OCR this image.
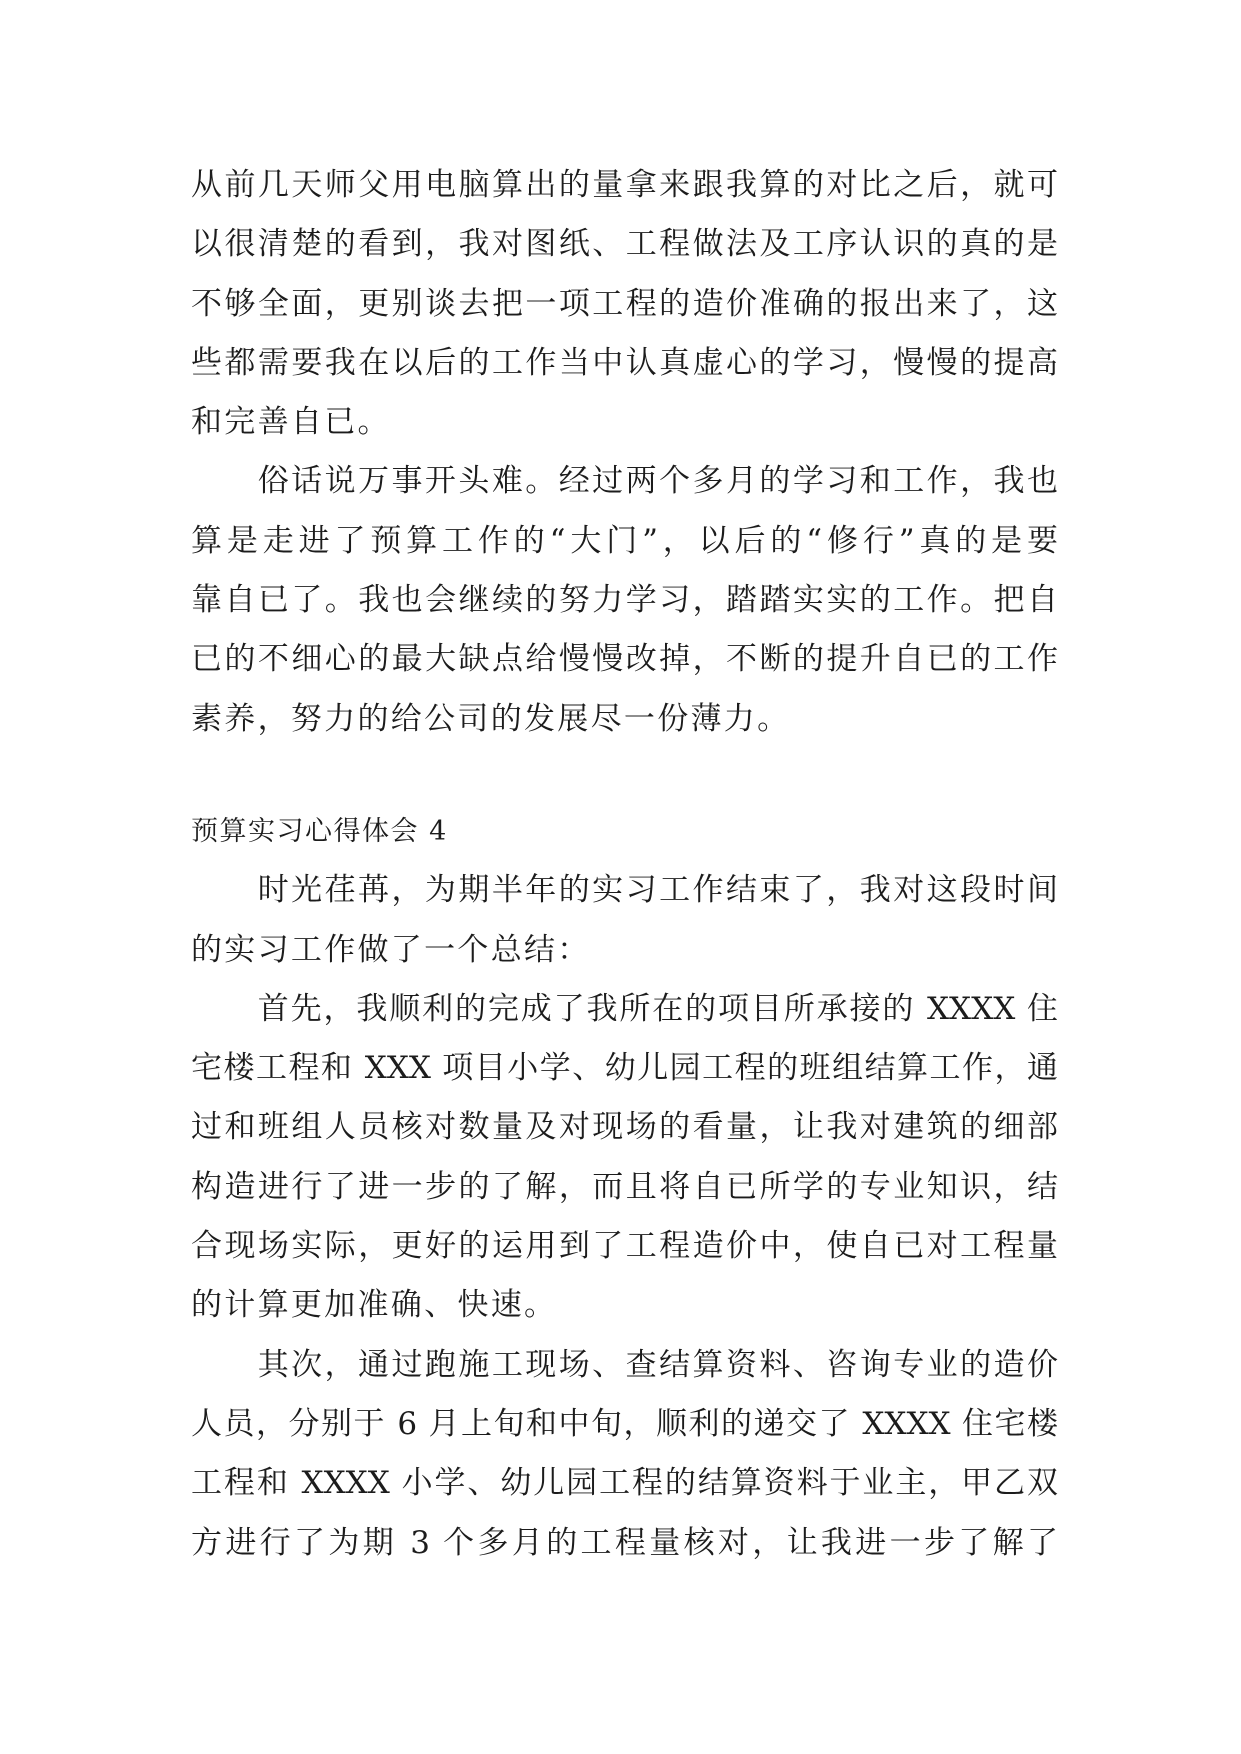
从前几天师父用电脑算出的量拿来跟我算的对比之后，就可
以很清楚的看到，我对图纸、工程做法及工序认识的真的是
不够全面，更别谈去把一项工程的造价准确的报出来了，这
些都需要我在以后的工作当中认真虚心的学习，慢慢的提高
和完善自已。
俗话说万事开头难。经过两个多月的学习和工作，我也
算是走进了预算工作的“大门”，以后的“修行”真的是要
靠自已了。我也会继续的努力学习，踏踏实实的工作。把自
已的不细心的最大缺点给慢慢改掉，不断的提升自已的工作
素养，努力的给公司的发展尽一份薄力。
预算实习心得体会 4
时光荏苒，为期半年的实习工作结束了，我对这段时间
的实习工作做了一个总结：
首先，我顺利的完成了我所在的项目所承接的 XXXX 住
宅楼工程和 XXX 项目小学、幼儿园工程的班组结算工作，通
过和班组人员核对数量及对现场的看量，让我对建筑的细部
构造进行了进一步的了解，而且将自已所学的专业知识，结
合现场实际，更好的运用到了工程造价中，使自已对工程量
的计算更加准确、快速。
其次，通过跑施工现场、查结算资料、咨询专业的造价
人员，分别于 6 月上旬和中旬，顺利的递交了 XXXX 住宅楼
工程和 XXXX 小学、幼儿园工程的结算资料于业主，甲乙双
方进行了为期 3 个多月的工程量核对，让我进一步了解了
